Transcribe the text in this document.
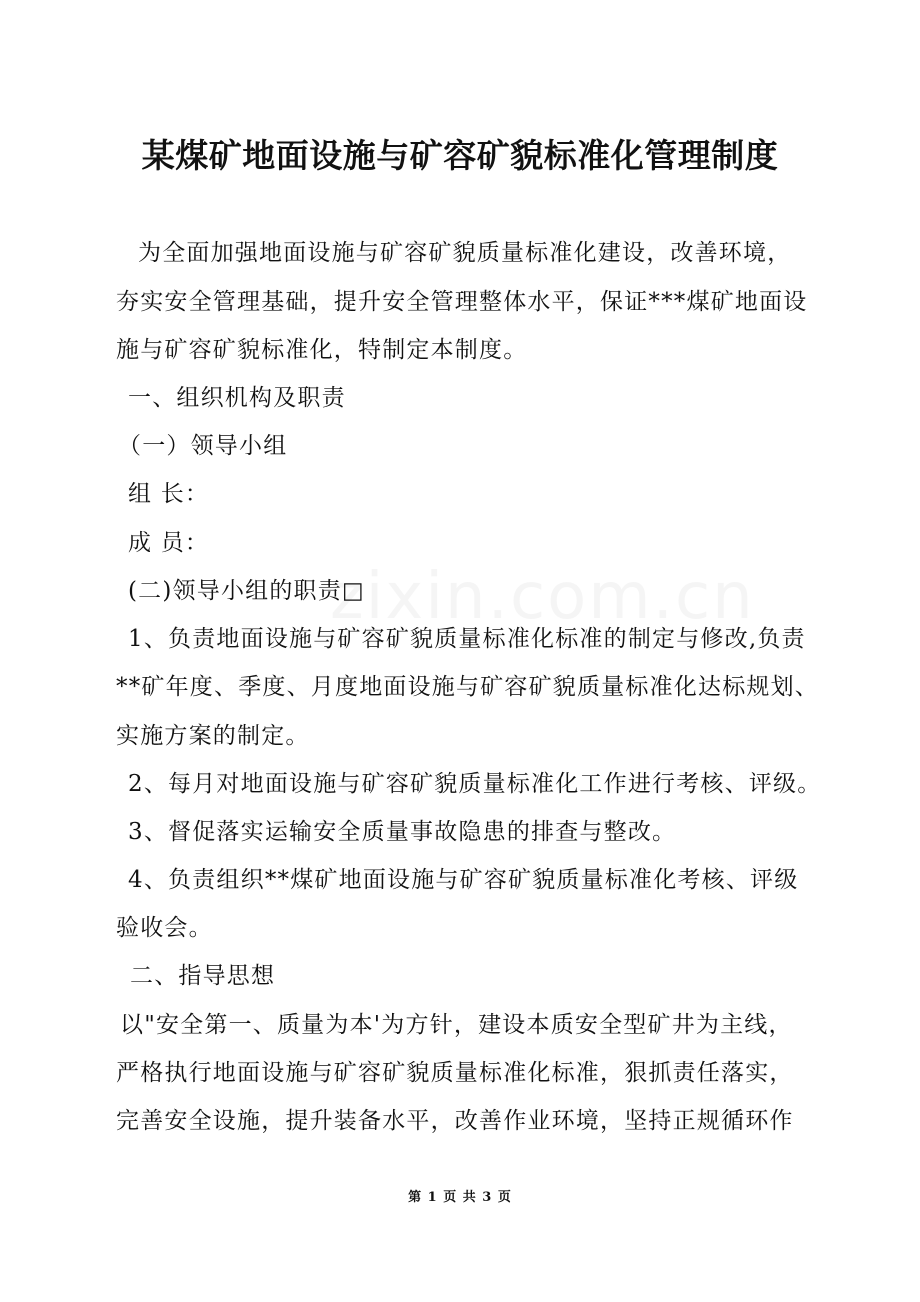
zixin.com.cn
某煤矿地面设施与矿容矿貌标准化管理制度
为全面加强地面设施与矿容矿貌质量标准化建设，改善环境，
夯实安全管理基础，提升安全管理整体水平，保证***煤矿地面设
施与矿容矿貌标准化，特制定本制度。
一、组织机构及职责
（一）领导小组
组 长：
成 员：
(二)领导小组的职责□
1、负责地面设施与矿容矿貌质量标准化标准的制定与修改,负责
**矿年度、季度、月度地面设施与矿容矿貌质量标准化达标规划、
实施方案的制定。
2、每月对地面设施与矿容矿貌质量标准化工作进行考核、评级。
3、督促落实运输安全质量事故隐患的排查与整改。
4、负责组织**煤矿地面设施与矿容矿貌质量标准化考核、评级
验收会。
二、指导思想
以"安全第一、质量为本'为方针，建设本质安全型矿井为主线，
严格执行地面设施与矿容矿貌质量标准化标准，狠抓责任落实，
完善安全设施，提升装备水平，改善作业环境，坚持正规循环作
第 1 页 共 3 页
